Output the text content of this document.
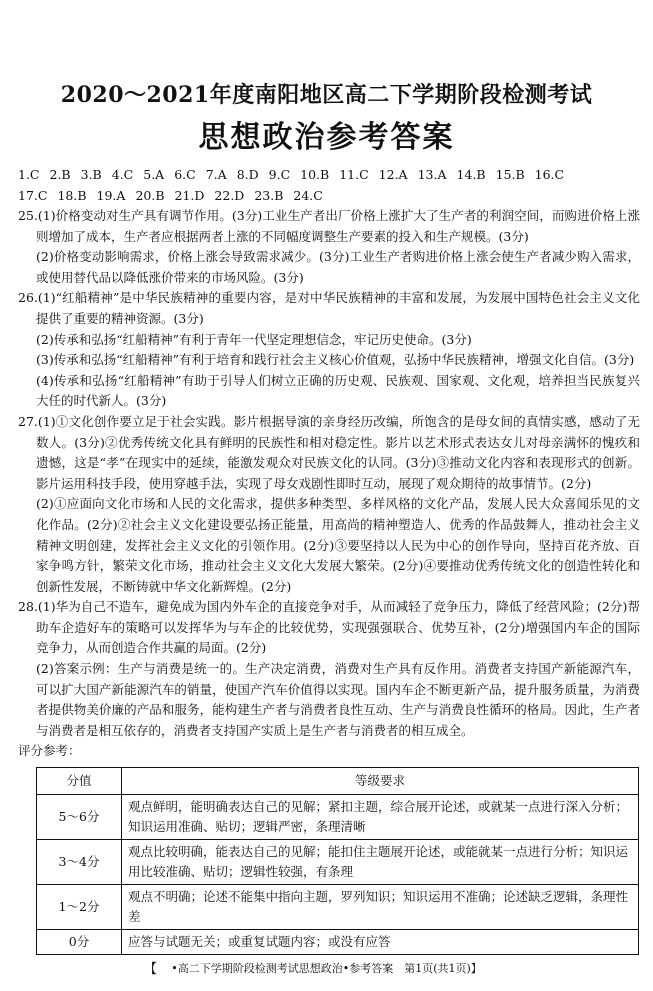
2020～2021年度南阳地区高二下学期阶段检测考试
思想政治参考答案
1.C 2.B 3.B 4.C 5.A 6.C 7.A 8.D 9.C 10.B 11.C 12.A 13.A 14.B 15.B 16.C
17.C 18.B 19.A 20.B 21.D 22.D 23.B 24.C

25.(1)价格变动对生产具有调节作用。(3分)工业生产者出厂价格上涨扩大了生产者的利润空间，而购进价格上涨则增加了成本，生产者应根据两者上涨的不同幅度调整生产要素的投入和生产规模。(3分)

(2)价格变动影响需求，价格上涨会导致需求减少。(3分)工业生产者购进价格上涨会使生产者减少购入需求，或使用替代品以降低涨价带来的市场风险。(3分)

26.(1)“红船精神”是中华民族精神的重要内容，是对中华民族精神的丰富和发展，为发展中国特色社会主义文化提供了重要的精神资源。(3分)

(2)传承和弘扬“红船精神”有利于青年一代坚定理想信念，牢记历史使命。(3分)

(3)传承和弘扬“红船精神”有利于培育和践行社会主义核心价值观，弘扬中华民族精神，增强文化自信。(3分)

(4)传承和弘扬“红船精神”有助于引导人们树立正确的历史观、民族观、国家观、文化观，培养担当民族复兴大任的时代新人。(3分)

27.(1)①文化创作要立足于社会实践。影片根据导演的亲身经历改编，所饱含的是母女间的真情实感，感动了无数人。(3分)②优秀传统文化具有鲜明的民族性和相对稳定性。影片以艺术形式表达女儿对母亲满怀的愧疚和遗憾，这是“孝”在现实中的延续，能激发观众对民族文化的认同。(3分)③推动文化内容和表现形式的创新。影片运用科技手段，使用穿越手法，实现了母女戏剧性即时互动，展现了观众期待的故事情节。(2分)

(2)①应面向文化市场和人民的文化需求，提供多种类型、多样风格的文化产品，发展人民大众喜闻乐见的文化作品。(2分)②社会主义文化建设要弘扬正能量，用高尚的精神塑造人、优秀的作品鼓舞人，推动社会主义精神文明创建，发挥社会主义文化的引领作用。(2分)③要坚持以人民为中心的创作导向，坚持百花齐放、百家争鸣方针，繁荣文化市场，推动社会主义文化大发展大繁荣。(2分)④要推动优秀传统文化的创造性转化和创新性发展，不断铸就中华文化新辉煌。(2分)

28.(1)华为自己不造车，避免成为国内外车企的直接竞争对手，从而减轻了竞争压力，降低了经营风险；(2分)帮助车企造好车的策略可以发挥华为与车企的比较优势，实现强强联合、优势互补，(2分)增强国内车企的国际竞争力，从而创造合作共赢的局面。(2分)

(2)答案示例：生产与消费是统一的。生产决定消费，消费对生产具有反作用。消费者支持国产新能源汽车，可以扩大国产新能源汽车的销量，使国产汽车价值得以实现。国内车企不断更新产品，提升服务质量，为消费者提供物美价廉的产品和服务，能构建生产者与消费者良性互动、生产与消费良性循环的格局。因此，生产者与消费者是相互依存的，消费者支持国产实质上是生产者与消费者的相互成全。

评分参考：

分值	等级要求
5～6分	观点鲜明，能明确表达自己的见解；紧扣主题，综合展开论述，或就某一点进行深入分析；知识运用准确、贴切；逻辑严密，条理清晰
3～4分	观点比较明确，能表达自己的见解；能扣住主题展开论述，或能就某一点进行分析；知识运用比较准确、贴切；逻辑性较强，有条理
1～2分	观点不明确；论述不能集中指向主题，罗列知识；知识运用不准确；论述缺乏逻辑，条理性差
0分	应答与试题无关；或重复试题内容；或没有应答
【 •高二下学期阶段检测考试思想政治•参考答案　第1页(共1页)】
